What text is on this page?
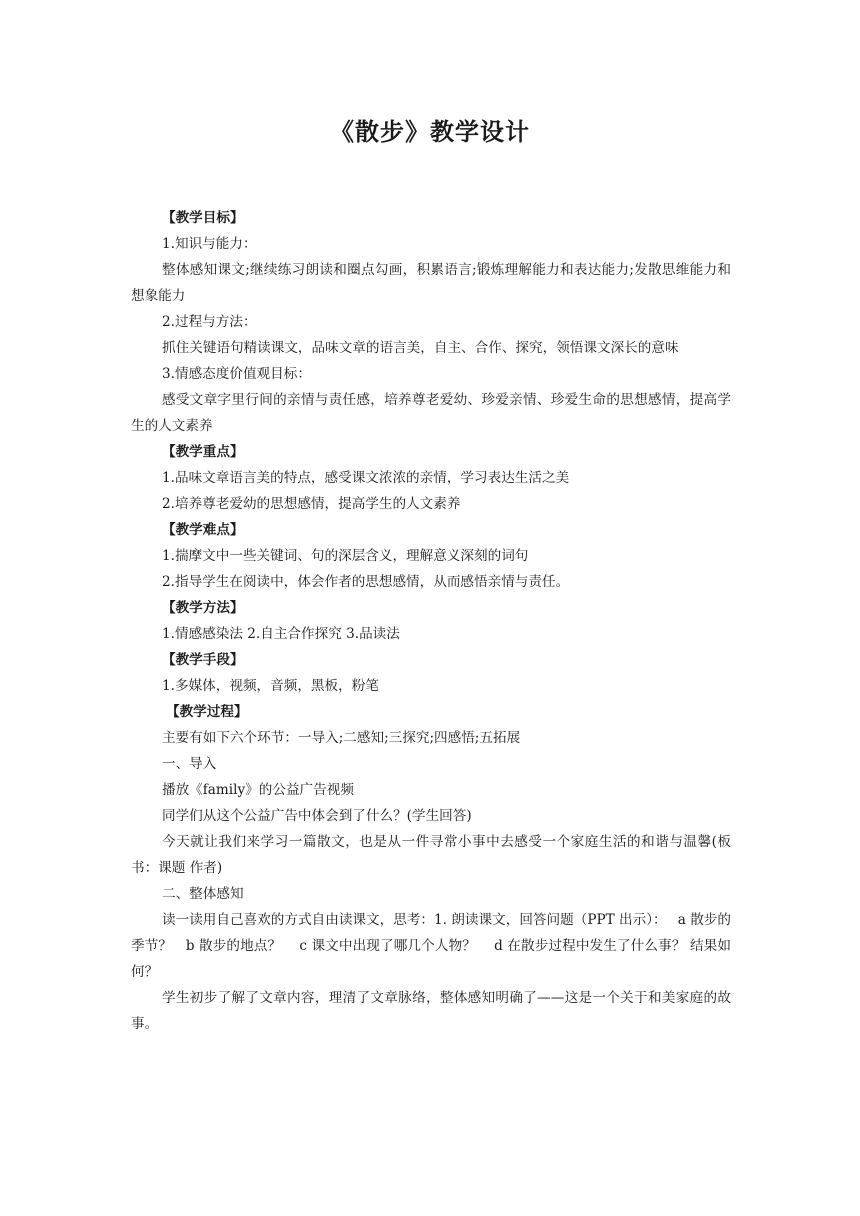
《散步》教学设计

【教学目标】

1.知识与能力：

整体感知课文;继续练习朗读和圈点勾画，积累语言;锻炼理解能力和表达能力;发散思维能力和想象能力

2.过程与方法：

抓住关键语句精读课文，品味文章的语言美，自主、合作、探究，领悟课文深长的意味

3.情感态度价值观目标：

感受文章字里行间的亲情与责任感，培养尊老爱幼、珍爱亲情、珍爱生命的思想感情，提高学生的人文素养

【教学重点】

1.品味文章语言美的特点，感受课文浓浓的亲情，学习表达生活之美

2.培养尊老爱幼的思想感情，提高学生的人文素养

【教学难点】

1.揣摩文中一些关键词、句的深层含义，理解意义深刻的词句

2.指导学生在阅读中，体会作者的思想感情，从而感悟亲情与责任。

【教学方法】

1.情感感染法 2.自主合作探究 3.品读法

【教学手段】

1.多媒体，视频，音频，黑板，粉笔

【教学过程】

主要有如下六个环节：一导入;二感知;三探究;四感悟;五拓展

一、导入

播放《family》的公益广告视频

同学们从这个公益广告中体会到了什么？(学生回答)

今天就让我们来学习一篇散文，也是从一件寻常小事中去感受一个家庭生活的和谐与温馨(板书：课题 作者)

二、整体感知

读一读用自己喜欢的方式自由读课文，思考：1. 朗读课文，回答问题（PPT 出示）：　 a 散步的季节？　b 散步的地点？　 c 课文中出现了哪几个人物？　 d 在散步过程中发生了什么事？ 结果如何？

学生初步了解了文章内容，理清了文章脉络，整体感知明确了——这是一个关于和美家庭的故事。
